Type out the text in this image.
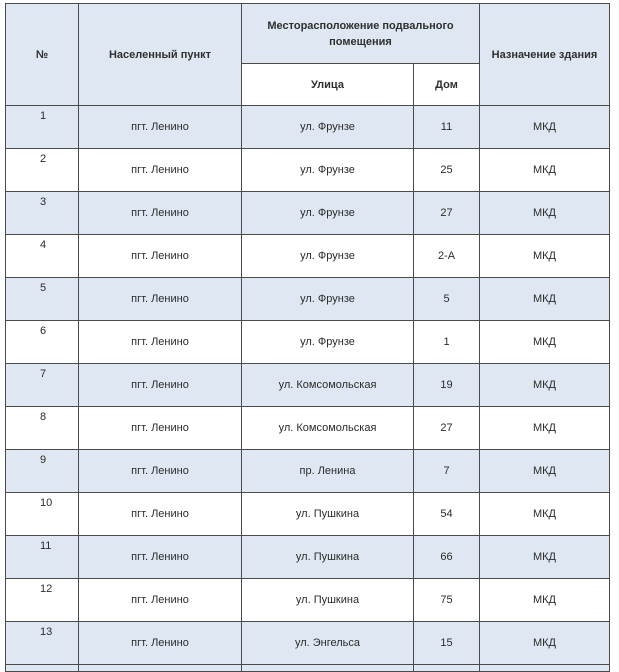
№	Населенный пункт	Месторасположение подвального помещения		Назначение здания
		Улица	Дом	
1	пгт. Ленино	ул. Фрунзе	11	МКД
2	пгт. Ленино	ул. Фрунзе	25	МКД
3	пгт. Ленино	ул. Фрунзе	27	МКД
4	пгт. Ленино	ул. Фрунзе	2-А	МКД
5	пгт. Ленино	ул. Фрунзе	5	МКД
6	пгт. Ленино	ул. Фрунзе	1	МКД
7	пгт. Ленино	ул. Комсомольская	19	МКД
8	пгт. Ленино	ул. Комсомольская	27	МКД
9	пгт. Ленино	пр. Ленина	7	МКД
10	пгт. Ленино	ул. Пушкина	54	МКД
11	пгт. Ленино	ул. Пушкина	66	МКД
12	пгт. Ленино	ул. Пушкина	75	МКД
13	пгт. Ленино	ул. Энгельса	15	МКД
